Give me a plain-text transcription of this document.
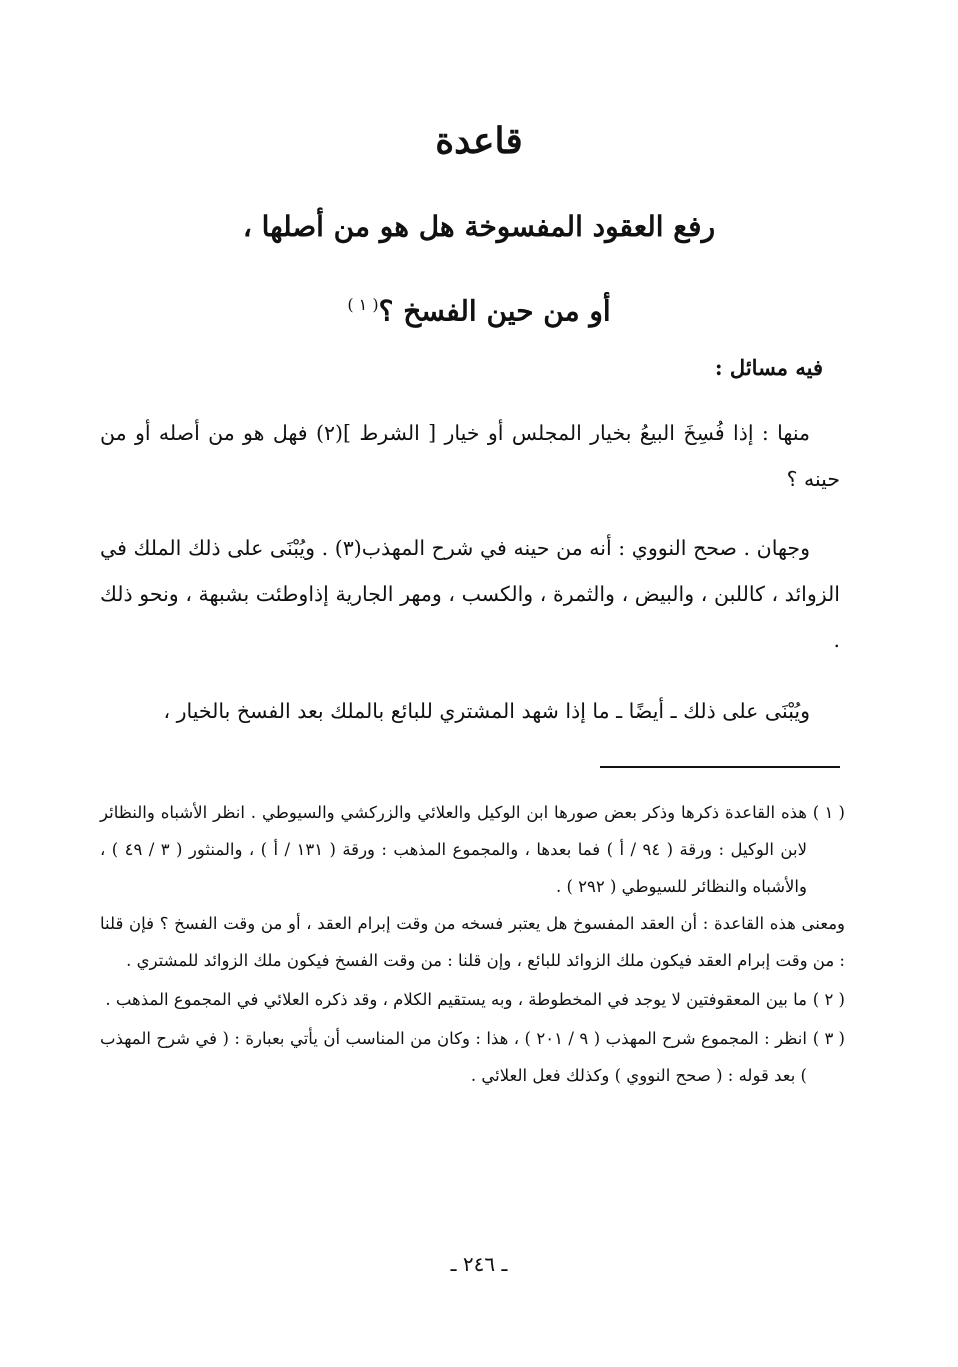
قاعدة
رفع العقود المفسوخة هل هو من أصلها ،
أو من حين الفسخ ؟$^{( ١ )}$
فيه مسائل :
منها : إذا فُسِخَ البيعُ بخيار المجلس أو خيار [ الشرط ](٢) فهل هو من أصله أو من حينه ؟
وجهان . صحح النووي : أنه من حينه في شرح المهذب(٣) . ويُبْنَى على ذلك الملك في الزوائد ، كاللبن ، والبيض ، والثمرة ، والكسب ، ومهر الجارية إذاوطئت بشبهة ، ونحو ذلك .
ويُبْنَى على ذلك ـ أيضًا ـ ما إذا شهد المشتري للبائع بالملك بعد الفسخ بالخيار ،
( ١ )
هذه القاعدة ذكرها وذكر بعض صورها ابن الوكيل والعلائي والزركشي والسيوطي . انظر الأشباه والنظائر لابن الوكيل : ورقة ( ٩٤ / أ ) فما بعدها ، والمجموع المذهب : ورقة ( ١٣١ / أ ) ، والمنثور ( ٣ / ٤٩ ) ، والأشباه والنظائر للسيوطي ( ٢٩٢ ) .
ومعنى هذه القاعدة : أن العقد المفسوخ هل يعتبر فسخه من وقت إبرام العقد ، أو من وقت الفسخ ؟ فإن قلنا : من وقت إبرام العقد فيكون ملك الزوائد للبائع ، وإن قلنا : من وقت الفسخ فيكون ملك الزوائد للمشتري .
( ٢ )
ما بين المعقوفتين لا يوجد في المخطوطة ، وبه يستقيم الكلام ، وقد ذكره العلائي في المجموع المذهب .
( ٣ )
انظر : المجموع شرح المهذب ( ٩ / ٢٠١ ) ، هذا : وكان من المناسب أن يأتي بعبارة : ( في شرح المهذب ) بعد قوله : ( صحح النووي ) وكذلك فعل العلائي .
ـ ٢٤٦ ـ
